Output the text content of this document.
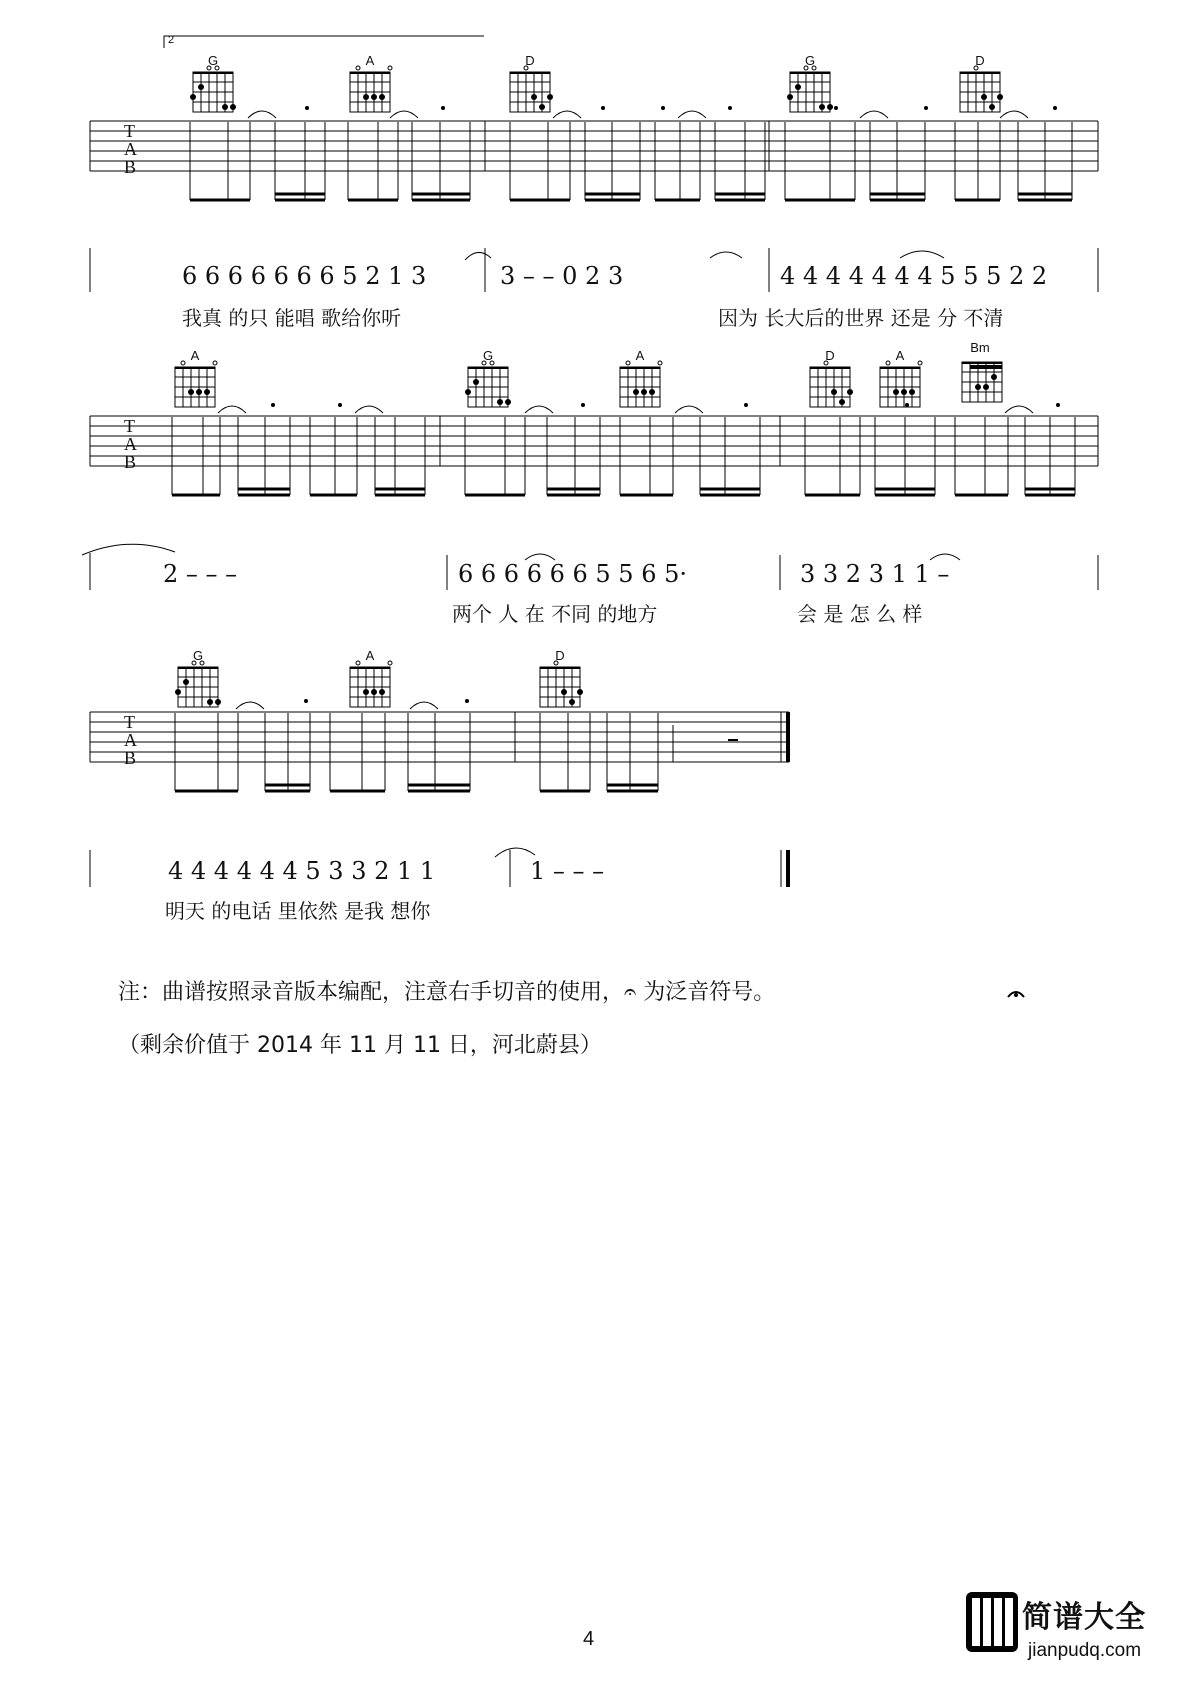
2
G	A	D	G	D
A	G	A	D	A
Bm
G	A	D
T
A
B
T
A
B
T
A
B
6 6 6 6 6 6 6 5 2 1 3	3 – – 0 2 3	4 4 4 4 4 4 4 5 5 5 2 2
我真 的只 能唱 歌给你听	因为 长大后的世界 还是 分 不清
2 – – –	6 6 6 6 6 6 5 5 6 5·	3 3 2 3 1 1 –
两个 人 在 不同 的地方	会 是 怎 么 样
4 4 4 4 4 4 5 3 3 2 1 1	1 – – –
明天 的电话 里依然 是我 想你
注：曲谱按照录音版本编配，注意右手切音的使用，𝄐 为泛音符号。
（剩余价值于 2014 年 11 月 11 日，河北蔚县）
4
简谱大全
jianpudq.com
